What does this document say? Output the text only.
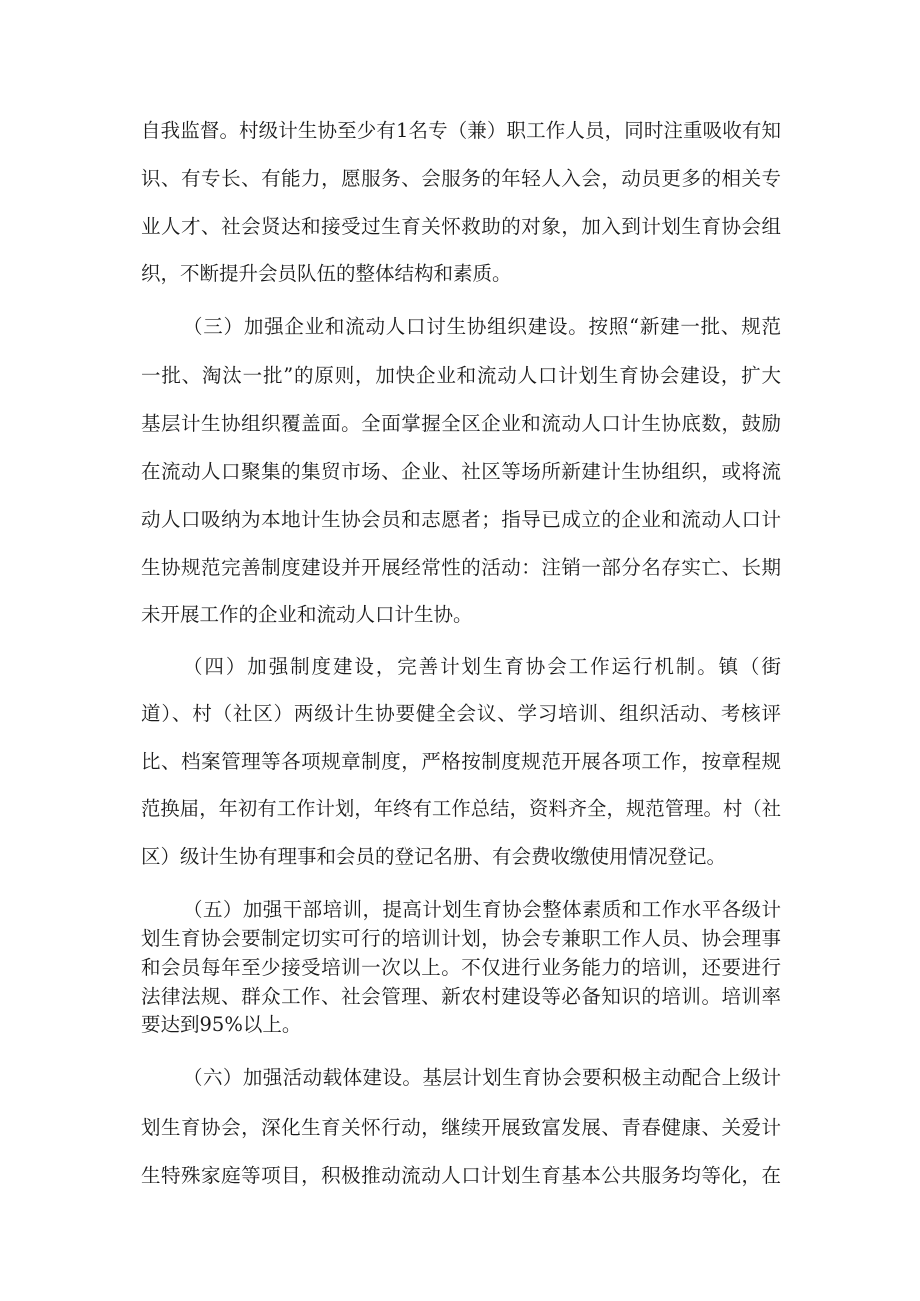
自我监督。村级计生协至少有1名专（兼）职工作人员，同时注重吸收有知
识、有专长、有能力，愿服务、会服务的年轻人入会，动员更多的相关专
业人才、社会贤达和接受过生育关怀救助的对象，加入到计划生育协会组
织，不断提升会员队伍的整体结构和素质。
（三）加强企业和流动人口讨生协组织建设。按照“新建一批、规范
一批、淘汰一批”的原则，加快企业和流动人口计划生育协会建设，扩大
基层计生协组织覆盖面。全面掌握全区企业和流动人口计生协底数，鼓励
在流动人口聚集的集贸市场、企业、社区等场所新建计生协组织，或将流
动人口吸纳为本地计生协会员和志愿者；指导已成立的企业和流动人口计
生协规范完善制度建设并开展经常性的活动：注销一部分名存实亡、长期
未开展工作的企业和流动人口计生协。
（四）加强制度建设，完善计划生育协会工作运行机制。镇（街
道）、村（社区）两级计生协要健全会议、学习培训、组织活动、考核评
比、档案管理等各项规章制度，严格按制度规范开展各项工作，按章程规
范换届，年初有工作计划，年终有工作总结，资料齐全，规范管理。村（社
区）级计生协有理事和会员的登记名册、有会费收缴使用情况登记。
（五）加强干部培训，提高计划生育协会整体素质和工作水平各级计
划生育协会要制定切实可行的培训计划，协会专兼职工作人员、协会理事
和会员每年至少接受培训一次以上。不仅进行业务能力的培训，还要进行
法律法规、群众工作、社会管理、新农村建设等必备知识的培训。培训率
要达到95%以上。
（六）加强活动载体建设。基层计划生育协会要积极主动配合上级计
划生育协会，深化生育关怀行动，继续开展致富发展、青春健康、关爱计
生特殊家庭等项目，积极推动流动人口计划生育基本公共服务均等化，在
